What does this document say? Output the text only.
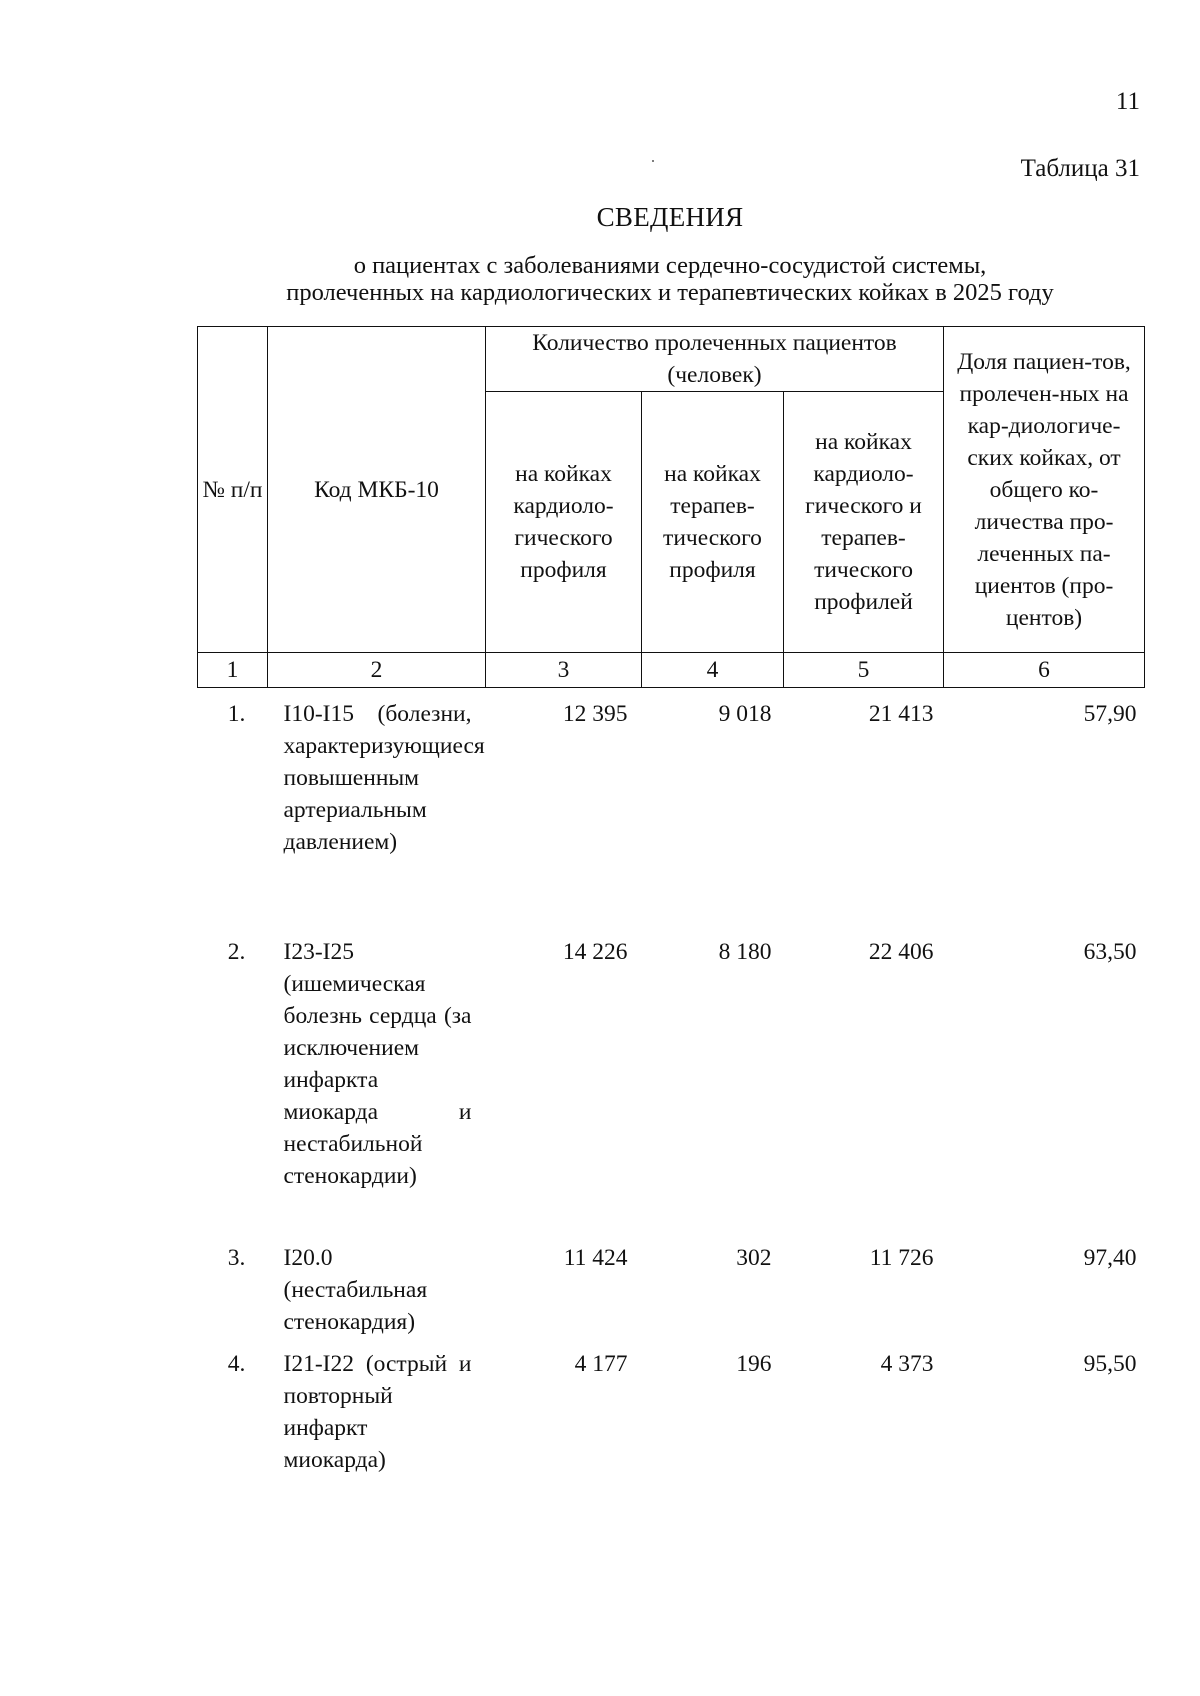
11
Таблица 31
СВЕДЕНИЯ
о пациентах с заболеваниями сердечно-сосудистой системы,
пролеченных на кардиологических и терапевтических койках в 2025 году
№ п/п	Код МКБ-10	Количество пролеченных пациентов (человек)			Доля пациен-тов, пролечен-ных на кар-диологиче-ских койках, от общего ко-личества про-леченных па-циентов (про-центов)
		на койках кардиоло-гического профиля	на койках терапев-тического профиля	на койках кардиоло-гического и терапев-тического профилей	
1	2	3	4	5	6
1.	I10-I15 (болезни, характеризующиеся повышенным артериальным давлением)	12 395	9 018	21 413	57,90
2.	I23-I25 (ишемическая болезнь сердца (за исключением инфаркта миокарда и нестабильной стенокардии)	14 226	8 180	22 406	63,50
3.	I20.0 (нестабильная стенокардия)	11 424	302	11 726	97,40
4.	I21-I22 (острый и повторный инфаркт миокарда)	4 177	196	4 373	95,50
